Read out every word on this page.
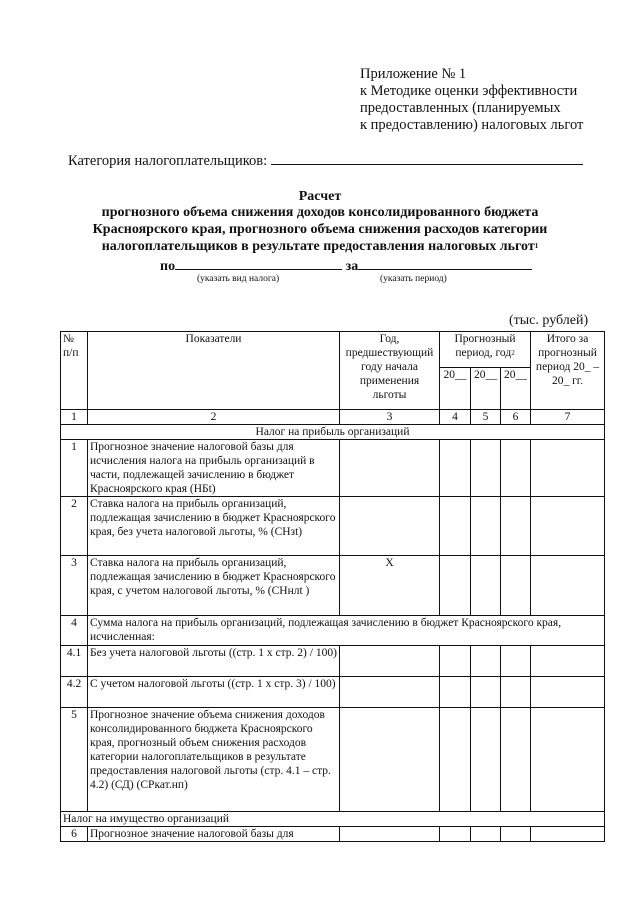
Приложение № 1
к Методике оценки эффективности
предоставленных (планируемых
к предоставлению) налоговых льгот
Категория налогоплательщиков:
Расчет
прогнозного объема снижения доходов консолидированного бюджета
Красноярского края, прогнозного объема снижения расходов категории
налогоплательщиков в результате предоставления налоговых льгот1
по	за
(указать вид налога)	(указать период)
(тыс. рублей)
№ п/п	Показатели	Год, предшествующий году начала применения льготы	Прогнозный период, год2			Итого за прогнозный период 20_ – 20_ гг.
			20__	20__	20__	
1	2	3	4	5	6	7
Налог на прибыль организаций						
1	Прогнозное значение налоговой базы для исчисления налога на прибыль организаций в части, подлежащей зачислению в бюджет Красноярского края (НБt)					
2	Ставка налога на прибыль организаций, подлежащая зачислению в бюджет Красноярского края, без учета налоговой льготы, % (СНзt)					
3	Ставка налога на прибыль организаций, подлежащая зачислению в бюджет Красноярского края, с учетом налоговой льготы, % (СНнлt )	Х				
4	Сумма налога на прибыль организаций, подлежащая зачислению в бюджет Красноярского края, исчисленная:					
4.1	Без учета налоговой льготы ((стр. 1 х стр. 2) / 100)					
4.2	С учетом налоговой льготы ((стр. 1 х стр. 3) / 100)					
5	Прогнозное значение объема снижения доходов консолидированного бюджета Красноярского края, прогнозный объем снижения расходов категории налогоплательщиков в результате предоставления налоговой льготы (стр. 4.1 – стр. 4.2) (СД) (СРкат.нп)					
Налог на имущество организаций						
6	Прогнозное значение налоговой базы для					
